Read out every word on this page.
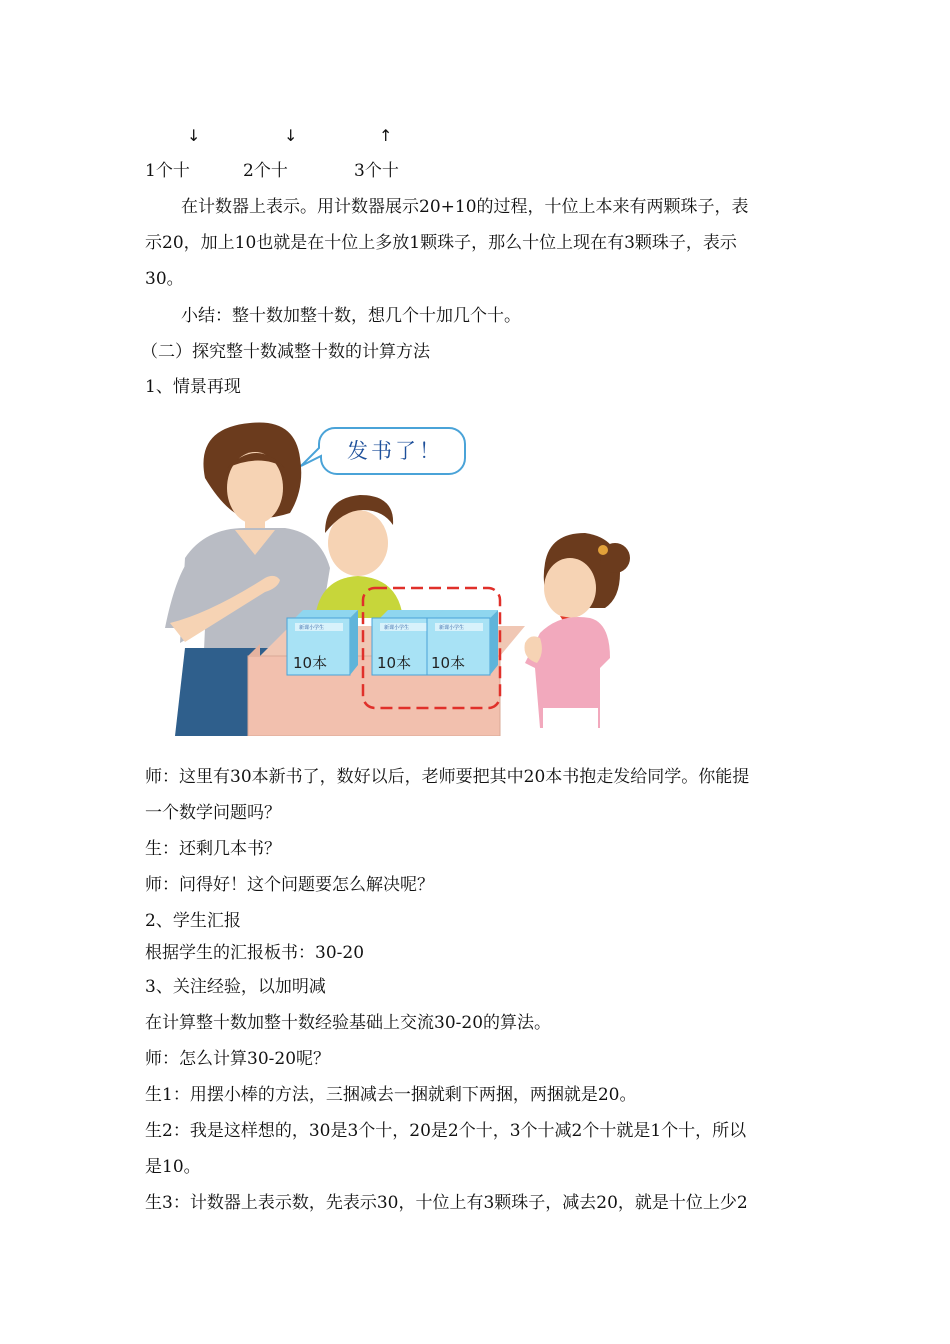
↓	↓	↑
1个十	2个十	3个十
在计数器上表示。用计数器展示20+10的过程，十位上本来有两颗珠子，表
示20，加上10也就是在十位上多放1颗珠子，那么十位上现在有3颗珠子，表示
30。
小结：整十数加整十数，想几个十加几个十。
（二）探究整十数减整十数的计算方法
1、情景再现
发书了！
新课小学生
10本
新课小学生
10本
新课小学生
10本
师：这里有30本新书了，数好以后，老师要把其中20本书抱走发给同学。你能提
一个数学问题吗？
生：还剩几本书？
师：问得好！这个问题要怎么解决呢？
2、学生汇报
根据学生的汇报板书：30-20
3、关注经验，以加明减
在计算整十数加整十数经验基础上交流30-20的算法。
师：怎么计算30-20呢？
生1：用摆小棒的方法，三捆减去一捆就剩下两捆，两捆就是20。
生2：我是这样想的，30是3个十，20是2个十，3个十减2个十就是1个十，所以
是10。
生3：计数器上表示数，先表示30，十位上有3颗珠子，减去20，就是十位上少2
